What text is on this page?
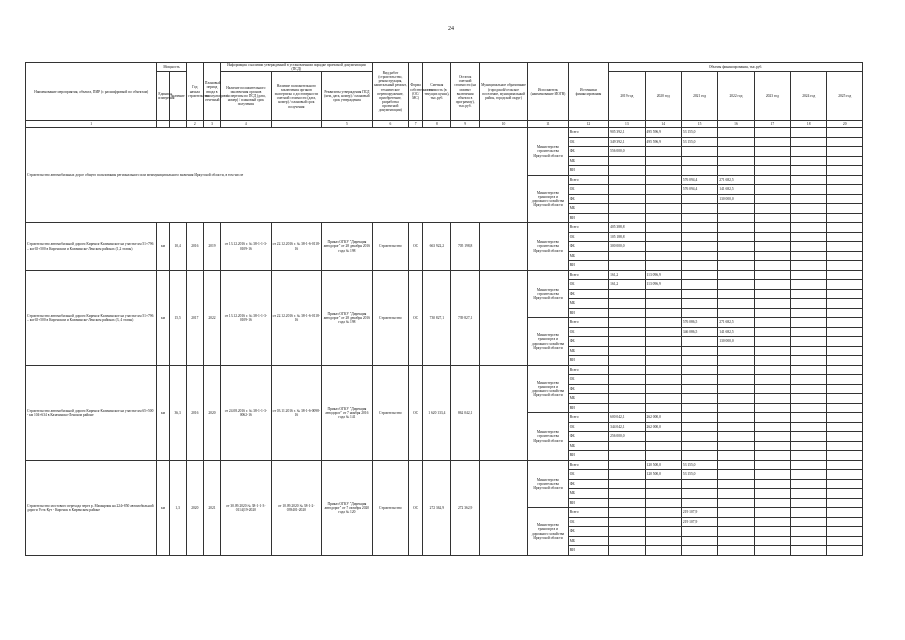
24
Наименование мероприятия, объекта, ПИР (с расшифровкой по объектам)	Мощность		Год начала строительства	Плановый период ввода в эксплуатацию/отчетный	Информация о наличии утвержденной в установленном порядке проектной документации (ПСД)			Вид работ (строительство, реконструкция, капитальный ремонт, техническое перевооружение, приобретение, разработка проектной документации)	Форма собственности (ОС/МС)	Сметная стоимость (в текущих ценах), тыс.руб.	Остаток сметной стоимости (на момент включения объекта в программу), тыс.руб.	Муниципальное образование (городской/сельское поселение, муниципальный район, городской округ)	Исполнитель (наименование ИОГВ)	Источники финансирования	Объемы финансирования, тыс.руб.						
	Единица измерения	Значение			Наличие положительного заключения органов экспертизы по ПСД (дата, номер) / плановый срок получения	Наличие положительного заключения органов экспертизы о достоверности сметной стоимости (дата, номер) / плановый срок получения	Реквизиты утверждения ПСД (кем, дата, номер) / плановый срок утверждения								2019 год	2020 год	2021 год	2022 год	2023 год	2024 год	2025 год

1			2	3	4		5	6	7	8	9	10	11	12	13	14	15	16	17	18	20
Строительство автомобильных дорог общего пользования регионального или межмуниципального значения Иркутской области, в том числе													Министерство строительства Иркутской области	Всего	905 392,1	495 596,9	53 155,0				
														ОБ	349 392,1	495 596,9	53 155,0				
														ФБ	556 000,0						
														МБ							
														ВИ							
													Министерство транспорта и дорожного хозяйства Иркутской области	Всего			576 094,4	271 682,5			
														ОБ			576 094,4	141 682,5			
														ФБ				130 000,0			
														МБ							
														ВИ							
Строительство автомобильной дороги Киренск-Казачинское на участке км 51+796 – км 65+500 в Киренском и Казачинско-Ленском районах (1,2 этапы)	км	10,4	2016	2019	от 13.12.2016 г. № 38-1-1-3-0109-16	от 22.12.2016 г. № 38-1-6-0118-16	Приказ ОГКУ "Дирекция автодорог" от 28 декабря 2016 года № 198	Строительство	ОС	663 922,2	705 198,8		Министерство строительства Иркутской области	Всего	405 388,8						
														ОБ	105 188,8						
														ФБ	300 000,0						
														МБ							
														ВИ							
Строительство автомобильной дороги Киренск-Казачинское на участке км 51+796 – км 65+500 в Киренском и Казачинско-Ленском районах (3, 4 этапы)	км	15,5	2017	2022	от 13.12.2016 г. № 38-1-1-3-0109-16	от 22.12.2016 г. № 38-1-6-0118-16	Приказ ОГКУ "Дирекция автодорог" от 28 декабря 2016 года № 198	Строительство	ОС	730 827,1	739 827,1		Министерство строительства Иркутской области	Всего	161,2	113 096,9					
														ОБ	161,2	113 096,9					
														ФБ							
														МБ							
														ВИ							
													Министерство транспорта и дорожного хозяйства Иркутской области	Всего			576 086,5	271 682,5			
														ОБ			346 086,5	141 682,5			
														ФБ				130 000,0			
														МБ							
														ВИ							
Строительство автомобильной дороги Киренск-Казачинское на участке км 65+500 - км 104+634 в Казачинско-Ленском районе	км	36,3	2016	2020	от 24.08.2016 г. № 38-1-1-3-0062-16	от 03.11.2016 г. № 38-1-6-0098-16	Приказ ОГКУ "Дирекция автодорог" от 7 ноября 2016 года № 141	Строительство	ОС	1 620 133,4	862 042,1		Министерство транспорта и дорожного хозяйства Иркутской области	Всего							
														ОБ							
														ФБ							
														МБ							
														ВИ							
													Министерство строительства Иркутской области	Всего	600 042,1	262 000,0					
														ОБ	344 042,1	262 000,0					
														ФБ	256 000,0						
														МБ							
														ВИ							
Строительство мостового перехода через р. Мамырчик на 224+850 автомобильной дороги Усть-Кут - Киренск в Киренском районе	км	1,3	2020	2021	от 30.09.2020 № 38-1-1-3-0114(19-2020	от 10.09.2020 № 38-1-2-039401-2020	Приказ ОГКУ "Дирекция автодорог" от 7 октября 2020 года № 120	Строительство	ОС	272 362,9	272 362,9		Министерство строительства Иркутской области	Всего		120 500,0	53 155,0				
														ОБ		120 500,0	53 155,0				
														ФБ							
														МБ							
														ВИ							
													Министерство транспорта и дорожного хозяйства Иркутской области	Всего			219 107,9				
														ОБ			219 107,9				
														ФБ							
														МБ							
														ВИ							
